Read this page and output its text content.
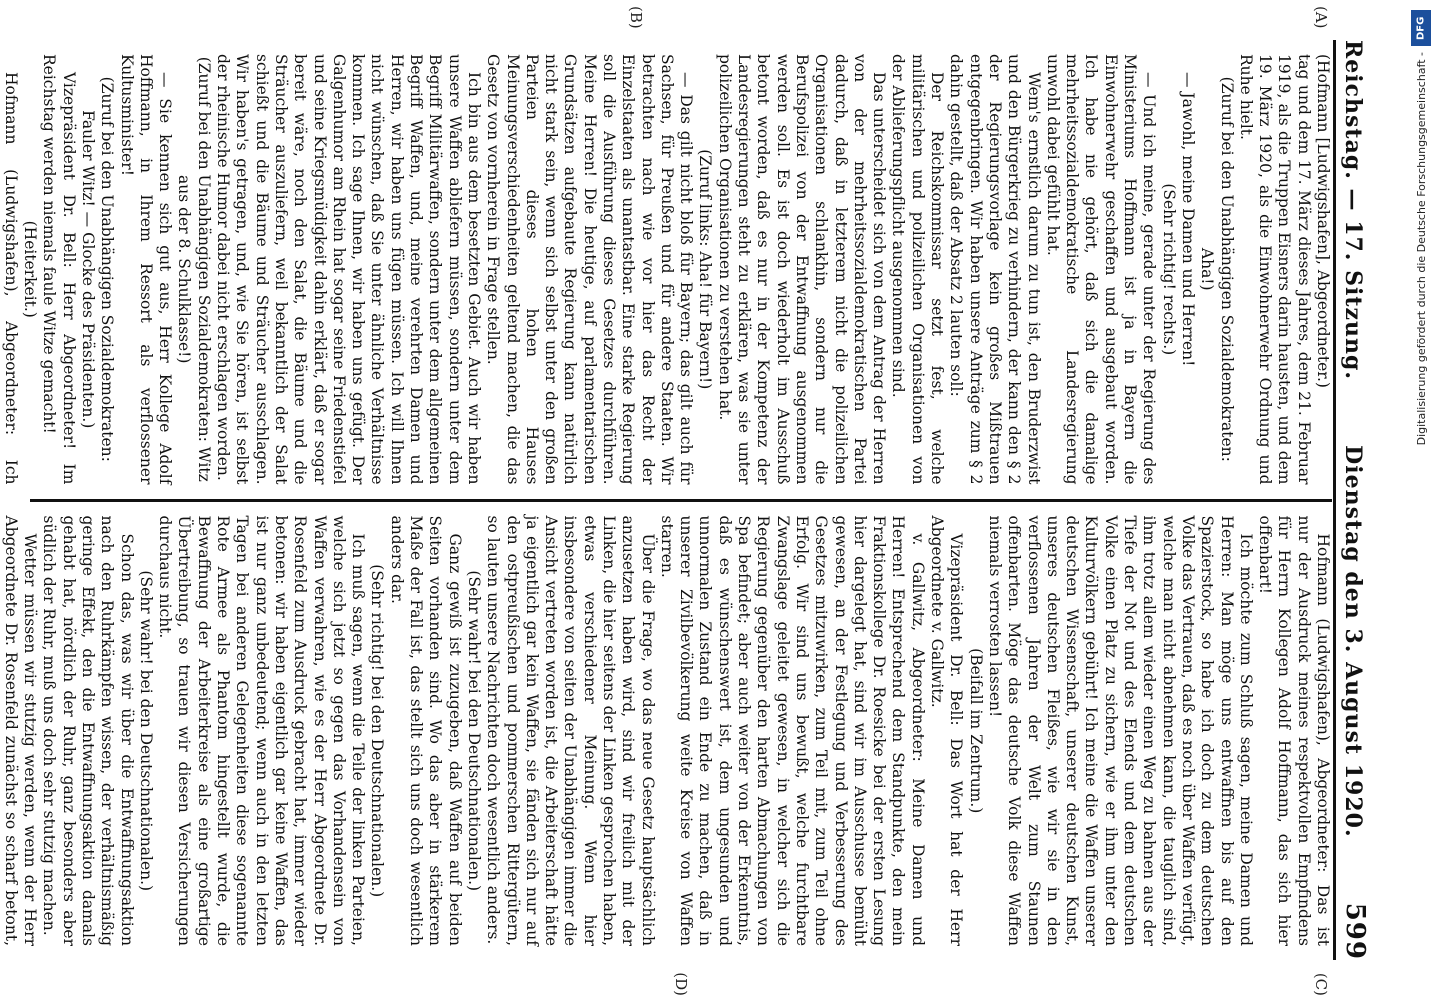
Reichstag. — 17. Sitzung.
Dienstag den 3. August 1920.
599
(A)
(B)
(C)
(D)

(Hofmann [Ludwigshafen], Abgeordneter.)

tag und dem 17. März dieses Jahres, dem 21. Februar 1919, als die Truppen Eisners darin hausten, und dem 19. März 1920, als die Einwohnerwehr Ordnung und Ruhe hielt.

(Zuruf bei den Unabhängigen Sozialdemokraten: Aha!)

— Jawohl, meine Damen und Herren!

(Sehr richtig! rechts.)

— Und ich meine, gerade unter der Regierung des Ministeriums Hoffmann ist ja in Bayern die Einwohnerwehr geschaffen und ausgebaut worden. Ich habe nie gehört, daß sich die damalige mehrheitssozialdemokratische Landesregierung unwohl dabei gefühlt hat.

Wem's ernstlich darum zu tun ist, den Bruderzwist und den Bürgerkrieg zu verhindern, der kann den § 2 der Regierungsvorlage kein großes Mißtrauen entgegenbringen. Wir haben unsere Anträge zum § 2 dahin gestellt, daß der Absatz 2 lauten soll:

Der Reichskommissar setzt fest, welche militärischen und polizeilichen Organisationen von der Ablieferungspflicht ausgenommen sind.

Das unterscheidet sich von dem Antrag der Herren von der mehrheitssozialdemokratischen Partei dadurch, daß in letzterem nicht die polizeilichen Organisationen schlankhin, sondern nur die Berufspolizei von der Entwaffnung ausgenommen werden soll. Es ist doch wiederholt im Ausschuß betont worden, daß es nur in der Kompetenz der Landesregierungen steht zu erklären, was sie unter polizeilichen Organisationen zu verstehen hat.

(Zuruf links: Aha! für Bayern!)

— Das gilt nicht bloß für Bayern; das gilt auch für Sachsen, für Preußen und für andere Staaten. Wir betrachten nach wie vor hier das Recht der Einzelstaaten als unantastbar. Eine starke Regierung soll die Ausführung dieses Gesetzes durchführen. Meine Herren! Die heutige, auf parlamentarischen Grundsätzen aufgebaute Regierung kann natürlich nicht stark sein, wenn sich selbst unter den großen Parteien dieses hohen Hauses Meinungsverschiedenheiten geltend machen, die das Gesetz von vornherein in Frage stellen.

Ich bin aus dem besetzten Gebiet. Auch wir haben unsere Waffen abliefern müssen, sondern unter dem Begriff Militärwaffen, sondern unter dem allgemeinen Begriff Waffen, und, meine verehrten Damen und Herren, wir haben uns fügen müssen. Ich will Ihnen nicht wünschen, daß Sie unter ähnliche Verhältnisse kommen. Ich sage Ihnen, wir haben uns gefügt. Der Galgenhumor am Rhein hat sogar seine Friedenstiefel und seine Kriegsmüdigkeit dahin erklärt, daß er sogar bereit wäre, noch den Salat, die Bäume und die Sträucher auszuliefern, weil bekanntlich der Salat schießt und die Bäume und Sträucher ausschlagen. Wir haben's getragen, und, wie Sie hören, ist selbst der rheinische Humor dabei nicht erschlagen worden.

(Zuruf bei den Unabhängigen Sozialdemokraten: Witz aus der 8. Schulklasse!)

— Sie kennen sich gut aus, Herr Kollege Adolf Hoffmann, in Ihrem Ressort als verflossener Kultusminister!

(Zuruf bei den Unabhängigen Sozialdemokraten: Fauler Witz! — Glocke des Präsidenten.)

Vizepräsident Dr. Bell: Herr Abgeordneter! Im Reichstag werden niemals faule Witze gemacht!

(Heiterkeit.)

Hofmann (Ludwigshafen), Abgeordneter: Ich

Hofmann (Ludwigshafen), Abgeordneter: Das ist nur der Ausdruck meines respektvollen Empfindens für Herrn Kollegen Adolf Hoffmann, das sich hier offenbart!

Ich möchte zum Schluß sagen, meine Damen und Herren: Man möge uns entwaffnen bis auf den Spazierstock, so habe ich doch zu dem deutschen Volke das Vertrauen, daß es noch über Waffen verfügt, welche man nicht abnehmen kann, die tauglich sind, ihm trotz allem wieder einen Weg zu bahnen aus der Tiefe der Not und des Elends und dem deutschen Volke einen Platz zu sichern, wie er ihm unter den Kulturvölkern gebührt! Ich meine die Waffen unserer deutschen Wissenschaft, unserer deutschen Kunst, unseres deutschen Fleißes, wie wir sie in den verflossenen Jahren der Welt zum Staunen offenbarten. Möge das deutsche Volk diese Waffen niemals verrosten lassen!

(Beifall im Zentrum.)

Vizepräsident Dr. Bell: Das Wort hat der Herr Abgeordnete v. Gallwitz.

v. Gallwitz, Abgeordneter: Meine Damen und Herren! Entsprechend dem Standpunkte, den mein Fraktionskollege Dr. Roesicke bei der ersten Lesung hier dargelegt hat, sind wir im Ausschusse bemüht gewesen, an der Festlegung und Verbesserung des Gesetzes mitzuwirken, zum Teil mit, zum Teil ohne Erfolg. Wir sind uns bewußt, welche furchtbare Zwangslage geleitet gewesen, in welcher sich die Regierung gegenüber den harten Abmachungen von Spa befindet; aber auch weiter von der Erkenntnis, daß es wünschenswert ist, dem ungesunden und unnormalen Zustand ein Ende zu machen, daß in unserer Zivilbevölkerung weite Kreise von Waffen starren.

Über die Frage, wo das neue Gesetz hauptsächlich anzusetzen haben wird, sind wir freilich mit der Linken, die hier seitens der Linken gesprochen haben, etwas verschiedener Meinung. Wenn hier insbesondere von seiten der Unabhängigen immer die Ansicht vertreten worden ist, die Arbeiterschaft hätte ja eigentlich gar kein Waffen, sie fänden sich nur auf den ostpreußischen und pommerschen Rittergütern, so lauten unsere Nachrichten doch wesentlich anders.

(Sehr wahr! bei den Deutschnationalen.)

Ganz gewiß ist zuzugeben, daß Waffen auf beiden Seiten vorhanden sind. Wo das aber in stärkerem Maße der Fall ist, das stellt sich uns doch wesentlich anders dar.

(Sehr richtig! bei den Deutschnationalen.)

Ich muß sagen, wenn die Teile der linken Parteien, welche sich jetzt so gegen das Vorhandensein von Waffen verwahren, wie es der Herr Abgeordnete Dr. Rosenfeld zum Ausdruck gebracht hat, immer wieder betonen: wir haben eigentlich gar keine Waffen, das ist nur ganz unbedeutend; wenn auch in den letzten Tagen bei anderen Gelegenheiten diese sogenannte Rote Armee als Phantom hingestellt wurde, die Bewaffnung der Arbeiterkreise als eine großartige Übertreibung, so trauen wir diesen Versicherungen durchaus nicht.

(Sehr wahr! bei den Deutschnationalen.)

Schon das, was wir über die Entwaffnungsaktion nach den Ruhrkämpfen wissen, der verhältnismäßig geringe Effekt, den die Entwaffnungsaktion damals gehabt hat, nördlich der Ruhr, ganz besonders aber südlich der Ruhr, muß uns doch sehr stutzig machen.

Wetter müssen wir stutzig werden, wenn der Herr Abgeordnete Dr. Rosenfeld zunächst so scharf betont,

DFG
Digitalisierung gefördert durch die Deutsche Forschungsgemeinschaft -
